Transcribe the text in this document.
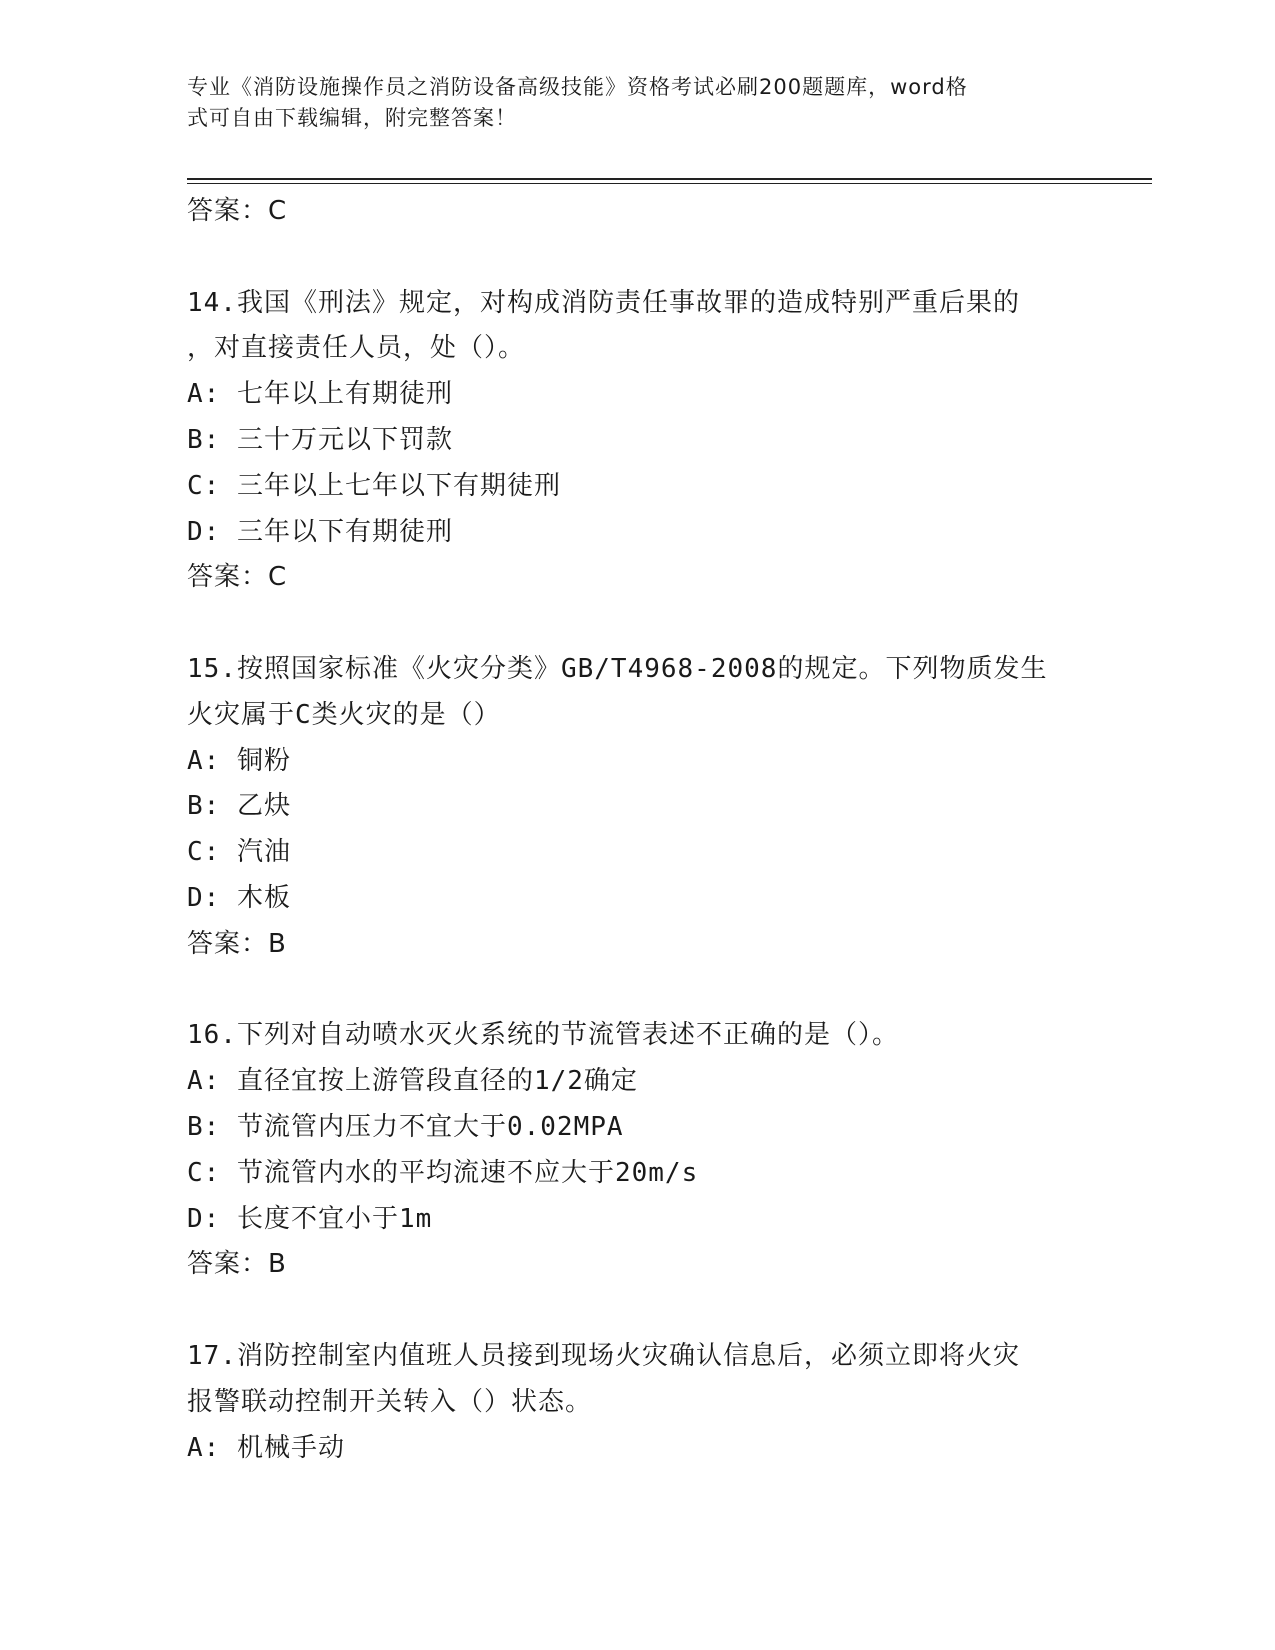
专业《消防设施操作员之消防设备高级技能》资格考试必刷200题题库，word格
式可自由下载编辑，附完整答案！
答案：C
14.我国《刑法》规定，对构成消防责任事故罪的造成特别严重后果的
，对直接责任人员，处（）。
A: 七年以上有期徒刑
B: 三十万元以下罚款
C: 三年以上七年以下有期徒刑
D: 三年以下有期徒刑
答案：C
15.按照国家标准《火灾分类》GB/T4968-2008的规定。下列物质发生
火灾属于C类火灾的是（）
A: 铜粉
B: 乙炔
C: 汽油
D: 木板
答案：B
16.下列对自动喷水灭火系统的节流管表述不正确的是（）。
A: 直径宜按上游管段直径的1/2确定
B: 节流管内压力不宜大于0.02MPA
C: 节流管内水的平均流速不应大于20m/s
D: 长度不宜小于1m
答案：B
17.消防控制室内值班人员接到现场火灾确认信息后，必须立即将火灾
报警联动控制开关转入（）状态。
A: 机械手动
